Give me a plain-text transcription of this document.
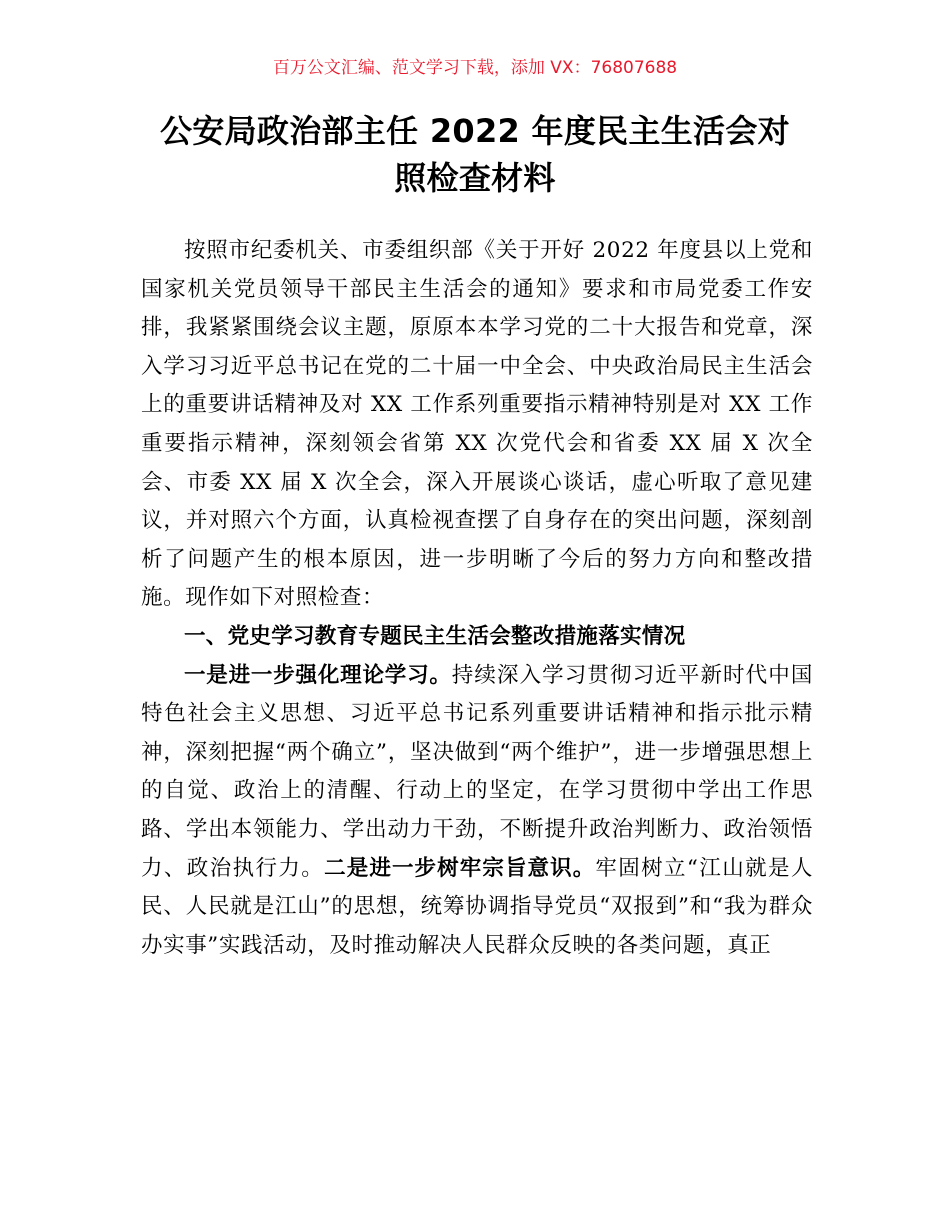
百万公文汇编、范文学习下载，添加 VX：76807688
公安局政治部主任 2022 年度民主生活会对
照检查材料

按照市纪委机关、市委组织部《关于开好 2022 年度县以上党和国家机关党员领导干部民主生活会的通知》要求和市局党委工作安排，我紧紧围绕会议主题，原原本本学习党的二十大报告和党章，深入学习习近平总书记在党的二十届一中全会、中央政治局民主生活会上的重要讲话精神及对 XX 工作系列重要指示精神特别是对 XX 工作重要指示精神，深刻领会省第 XX 次党代会和省委 XX 届 X 次全会、市委 XX 届 X 次全会，深入开展谈心谈话，虚心听取了意见建议，并对照六个方面，认真检视查摆了自身存在的突出问题，深刻剖析了问题产生的根本原因，进一步明晰了今后的努力方向和整改措施。现作如下对照检查：

一、党史学习教育专题民主生活会整改措施落实情况

一是进一步强化理论学习。持续深入学习贯彻习近平新时代中国特色社会主义思想、习近平总书记系列重要讲话精神和指示批示精神，深刻把握“两个确立”，坚决做到“两个维护”，进一步增强思想上的自觉、政治上的清醒、行动上的坚定，在学习贯彻中学出工作思路、学出本领能力、学出动力干劲，不断提升政治判断力、政治领悟力、政治执行力。二是进一步树牢宗旨意识。牢固树立“江山就是人民、人民就是江山”的思想，统筹协调指导党员“双报到”和“我为群众办实事”实践活动，及时推动解决人民群众反映的各类问题，真正
